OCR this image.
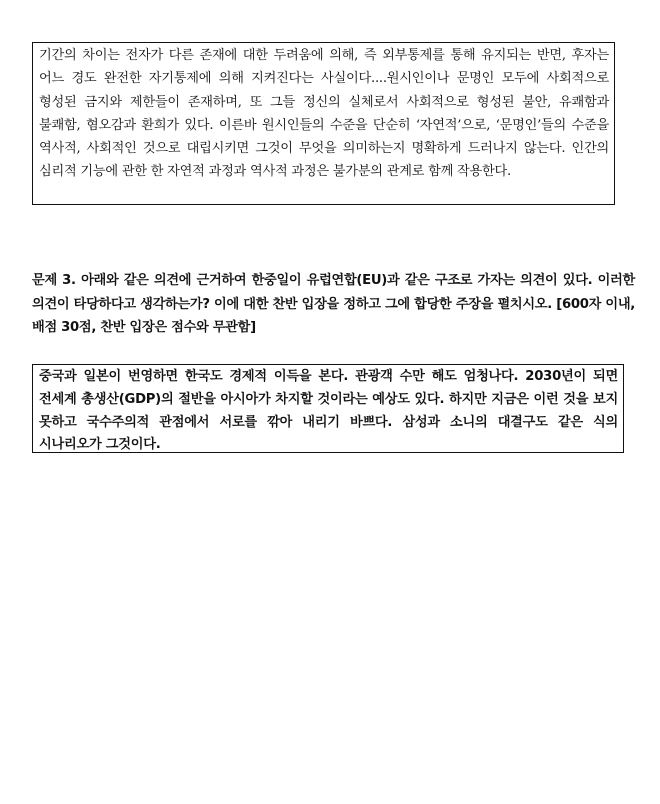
기간의 차이는 전자가 다른 존재에 대한 두려움에 의해, 즉 외부통제를 통해 유지되는 반면, 후자는 어느 경도 완전한 자기통제에 의해 지켜진다는 사실이다....원시인이나 문명인 모두에 사회적으로 형성된 금지와 제한들이 존재하며, 또 그들 정신의 실체로서 사회적으로 형성된 불안, 유쾌함과 불쾌함, 혐오감과 환희가 있다. 이른바 원시인들의 수준을 단순히 ‘자연적’으로, ‘문명인’들의 수준을 역사적, 사회적인 것으로 대립시키면 그것이 무엇을 의미하는지 명확하게 드러나지 않는다. 인간의 심리적 기능에 관한 한 자연적 과정과 역사적 과정은 불가분의 관계로 함께 작용한다.

문제 3. 아래와 같은 의견에 근거하여 한중일이 유럽연합(EU)과 같은 구조로 가자는 의견이 있다. 이러한 의견이 타당하다고 생각하는가? 이에 대한 찬반 입장을 정하고 그에 합당한 주장을 펼치시오. [600자 이내, 배점 30점, 찬반 입장은 점수와 무관함]

중국과 일본이 번영하면 한국도 경제적 이득을 본다. 관광객 수만 해도 엄청나다. 2030년이 되면 전세계 총생산(GDP)의 절반을 아시아가 차지할 것이라는 예상도 있다. 하지만 지금은 이런 것을 보지 못하고 국수주의적 관점에서 서로를 깎아 내리기 바쁘다. 삼성과 소니의 대결구도 같은 식의 시나리오가 그것이다.
